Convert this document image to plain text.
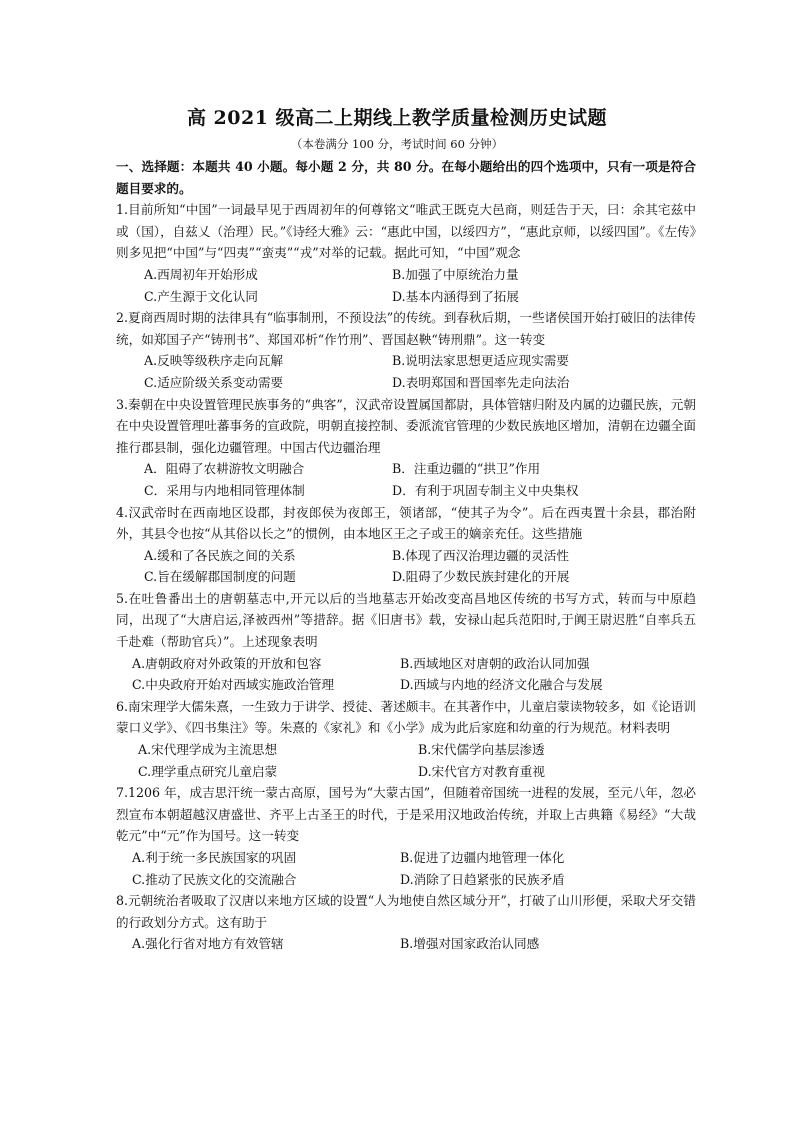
高 2021 级高二上期线上教学质量检测历史试题
（本卷满分 100 分，考试时间 60 分钟）
一、选择题：本题共 40 小题。每小题 2 分，共 80 分。在每小题给出的四个选项中，只有一项是符合题目要求的。

1.目前所知“中国”一词最早见于西周初年的何尊铭文“唯武王既克大邑商，则廷告于天，曰：余其宅兹中或（国），自兹乂（治理）民。”《诗经大雅》云：“惠此中国，以绥四方”，“惠此京师，以绥四国”。《左传》则多见把“中国”与“四夷”“蛮夷”“戎”对举的记载。据此可知，“中国”观念

A.西周初年开始形成	B.加强了中原统治力量
C.产生源于文化认同	D.基本内涵得到了拓展

2.夏商西周时期的法律具有“临事制刑，不预设法”的传统。到春秋后期，一些诸侯国开始打破旧的法律传统，如郑国子产“铸刑书”、郑国邓析“作竹刑”、晋国赵鞅“铸刑鼎”。这一转变

A.反映等级秩序走向瓦解	B.说明法家思想更适应现实需要
C.适应阶级关系变动需要	D.表明郑国和晋国率先走向法治

3.秦朝在中央设置管理民族事务的“典客”，汉武帝设置属国都尉，具体管辖归附及内属的边疆民族，元朝在中央设置管理吐蕃事务的宣政院，明朝直接控制、委派流官管理的少数民族地区增加，清朝在边疆全面推行郡县制，强化边疆管理。中国古代边疆治理

A．阻碍了农耕游牧文明融合	B．注重边疆的“拱卫”作用
C．采用与内地相同管理体制	D．有利于巩固专制主义中央集权

4.汉武帝时在西南地区设郡，封夜郎侯为夜郎王，领诸部，“使其子为令”。后在西夷置十余县，郡治附外，其县令也按“从其俗以长之”的惯例，由本地区王之子或王的嫡亲充任。这些措施

A.缓和了各民族之间的关系	B.体现了西汉治理边疆的灵活性
C.旨在缓解郡国制度的问题	D.阻碍了少数民族封建化的开展

5.在吐鲁番出土的唐朝墓志中,开元以后的当地墓志开始改变高昌地区传统的书写方式，转而与中原趋同，出现了“大唐启运,泽被西州”等措辞。据《旧唐书》载，安禄山起兵范阳时,于阗王尉迟胜“自率兵五千赴难（帮助官兵）”。上述现象表明

A.唐朝政府对外政策的开放和包容	B.西域地区对唐朝的政治认同加强
C.中央政府开始对西域实施政治管理	D.西域与内地的经济文化融合与发展

6.南宋理学大儒朱熹，一生致力于讲学、授徒、著述颇丰。在其著作中，儿童启蒙读物较多，如《论语训蒙口义学》、《四书集注》等。朱熹的《家礼》和《小学》成为此后家庭和幼童的行为规范。材料表明

A.宋代理学成为主流思想	B.宋代儒学向基层渗透
C.理学重点研究儿童启蒙	D.宋代官方对教育重视

7.1206 年，成吉思汗统一蒙古高原，国号为“大蒙古国”，但随着帝国统一进程的发展，至元八年，忽必烈宣布本朝超越汉唐盛世、齐平上古圣王的时代，于是采用汉地政治传统，并取上古典籍《易经》“大哉乾元”中“元”作为国号。这一转变

A.利于统一多民族国家的巩固	B.促进了边疆内地管理一体化
C.推动了民族文化的交流融合	D.消除了日趋紧张的民族矛盾

8.元朝统治者吸取了汉唐以来地方区域的设置“人为地使自然区域分开”，打破了山川形便，采取犬牙交错的行政划分方式。这有助于

A.强化行省对地方有效管辖	B.增强对国家政治认同感
